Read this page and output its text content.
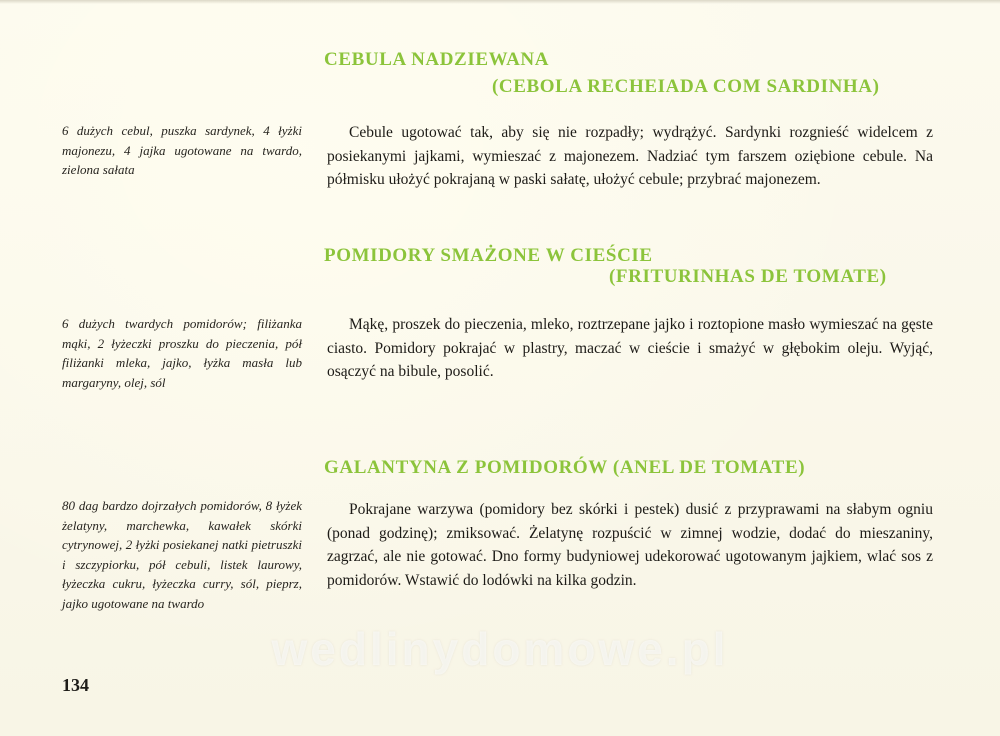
CEBULA NADZIEWANA
(CEBOLA RECHEIADA COM SARDINHA)

6 dużych cebul, puszka sardynek, 4 łyżki majonezu, 4 jajka ugotowane na twardo, zielona sałata

Cebule ugotować tak, aby się nie rozpadły; wydrążyć. Sardynki rozgnieść widelcem z posiekanymi jajkami, wymieszać z majonezem. Nadziać tym farszem oziębione cebule. Na półmisku ułożyć pokrajaną w paski sałatę, ułożyć cebule; przybrać majonezem.

POMIDORY SMAŻONE W CIEŚCIE
(FRITURINHAS DE TOMATE)

6 dużych twardych pomidorów; filiżanka mąki, 2 łyżeczki proszku do pieczenia, pół filiżanki mleka, jajko, łyżka masła lub margaryny, olej, sól

Mąkę, proszek do pieczenia, mleko, roztrzepane jajko i roztopione masło wymieszać na gęste ciasto. Pomidory pokrajać w plastry, maczać w cieście i smażyć w głębokim oleju. Wyjąć, osączyć na bibule, posolić.

GALANTYNA Z POMIDORÓW (ANEL DE TOMATE)

80 dag bardzo dojrzałych pomidorów, 8 łyżek żelatyny, marchewka, kawałek skórki cytrynowej, 2 łyżki posiekanej natki pietruszki i szczypiorku, pół cebuli, listek laurowy, łyżeczka cukru, łyżeczka curry, sól, pieprz, jajko ugotowane na twardo

Pokrajane warzywa (pomidory bez skórki i pestek) dusić z przyprawami na słabym ogniu (ponad godzinę); zmiksować. Żelatynę rozpuścić w zimnej wodzie, dodać do mieszaniny, zagrzać, ale nie gotować. Dno formy budyniowej udekorować ugotowanym jajkiem, wlać sos z pomidorów. Wstawić do lodówki na kilka godzin.

wedlinydomowe.pl

134
